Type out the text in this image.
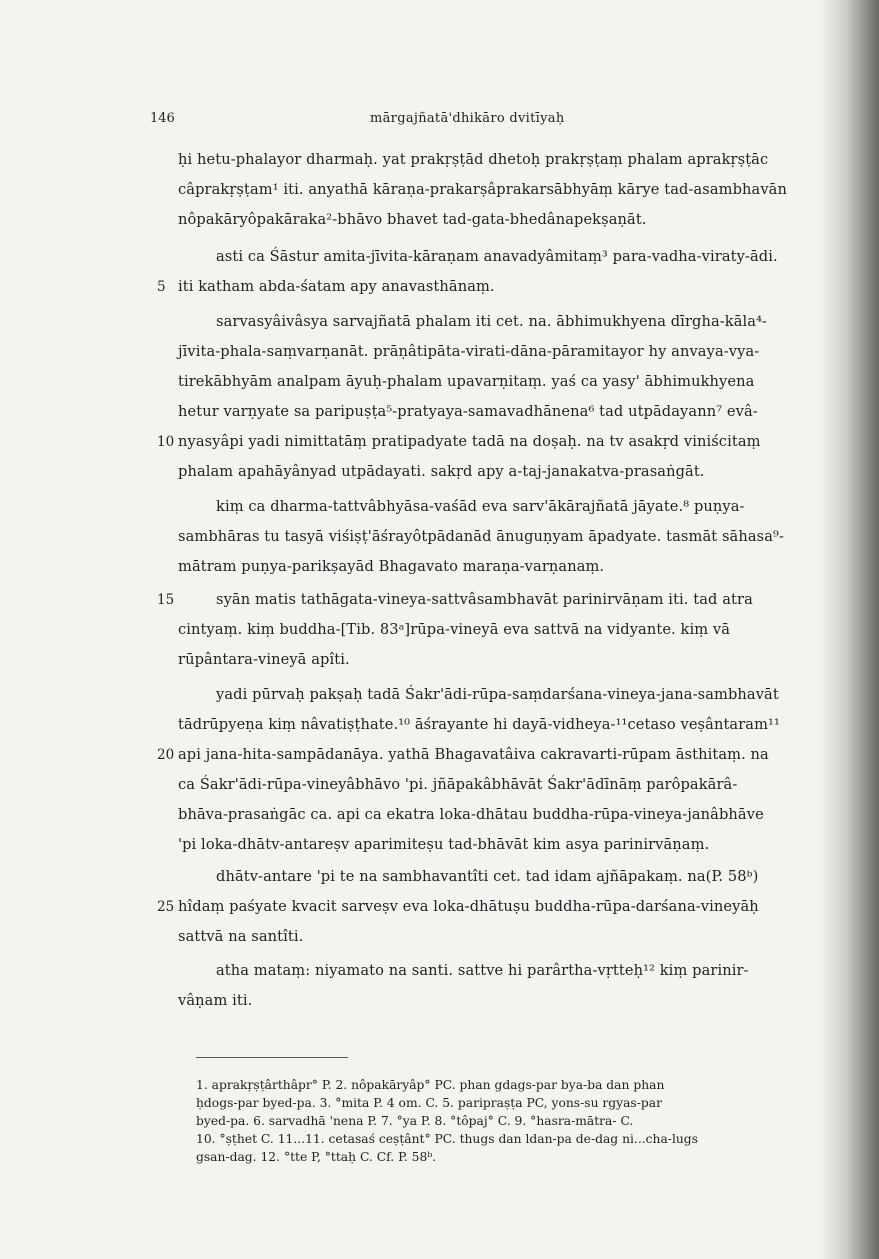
146	mārgajñatā'dhikāro dvitīyaḥ
ḥi hetu-phalayor dharmaḥ. yat prakṛṣṭād dhetoḥ prakṛṣṭaṃ phalam aprakṛṣṭāc
câprakṛṣṭam¹ iti. anyathā kāraṇa-prakarṣâprakarsābhyāṃ kārye tad-asambhavān
nôpakāryôpakāraka²-bhāvo bhavet tad-gata-bhedânapekṣaṇāt.
asti ca Śāstur amita-jīvita-kāraṇam anavadyâmitaṃ³ para-vadha-viraty-ādi.
5 iti katham abda-śatam apy anavasthānaṃ.
sarvasyâivâsya sarvajñatā phalam iti cet. na. ābhimukhyena dīrgha-kāla⁴-
jīvita-phala-saṃvarṇanāt. prāṇâtipāta-virati-dāna-pāramitayor hy anvaya-vya-
tirekābhyām analpam āyuḥ-phalam upavarṇitaṃ. yaś ca yasy' ābhimukhyena
hetur varṇyate sa paripuṣṭa⁵-pratyaya-samavadhānena⁶ tad utpādayann⁷ evâ-
10 nyasyâpi yadi nimittatāṃ pratipadyate tadā na doṣaḥ. na tv asakṛd viniścitaṃ
phalam apahāyânyad utpādayati. sakṛd apy a-taj-janakatva-prasaṅgāt.
kiṃ ca dharma-tattvâbhyāsa-vaśād eva sarv'ākārajñatā jāyate.⁸ puṇya-
sambhāras tu tasyā viśiṣṭ'āśrayôtpādanād ānuguṇyam āpadyate. tasmāt sāhasa⁹-
mātram puṇya-parikṣayād Bhagavato maraṇa-varṇanaṃ.
15	syān matis tathāgata-vineya-sattvâsambhavāt parinirvāṇam iti. tad atra
cintyaṃ. kiṃ buddha-[Tib. 83ᵃ]rūpa-vineyā eva sattvā na vidyante. kiṃ vā
rūpântara-vineyā apîti.
yadi pūrvaḥ pakṣaḥ tadā Śakr'ādi-rūpa-saṃdarśana-vineya-jana-sambhavāt
tādrūpyeṇa kiṃ nâvatiṣṭhate.¹⁰ āśrayante hi dayā-vidheya-¹¹cetaso veṣântaram¹¹
20 api jana-hita-sampādanāya. yathā Bhagavatâiva cakravarti-rūpam āsthitaṃ. na
ca Śakr'ādi-rūpa-vineyâbhāvo 'pi. jñāpakâbhāvāt Śakr'ādīnāṃ parôpakārâ-
bhāva-prasaṅgāc ca. api ca ekatra loka-dhātau buddha-rūpa-vineya-janâbhāve
'pi loka-dhātv-antareṣv aparimiteṣu tad-bhāvāt kim asya parinirvāṇaṃ.
dhātv-antare 'pi te na sambhavantîti cet. tad idam ajñāpakaṃ. na(P. 58ᵇ)
25 hîdaṃ paśyate kvacit sarveṣv eva loka-dhātuṣu buddha-rūpa-darśana-vineyāḥ
sattvā na santîti.
atha mataṃ: niyamato na santi. sattve hi parârtha-vṛtteḥ¹² kiṃ parinir-
vâṇam iti.
1. aprakṛṣṭârthâpr° P. 2. nôpakāryâp° PC. phan gdags-par bya-ba dan phan
ḥdogs-par byed-pa. 3. °mita P. 4 om. C. 5. paripraṣṭa PC, yons-su rgyas-par
byed-pa. 6. sarvadhā 'nena P. 7. °ya P. 8. °tôpaj° C. 9. °hasra-mātra- C.
10. °ṣṭhet C. 11...11. cetasaś ceṣṭânt° PC. thugs dan ldan-pa de-dag ni...cha-lugs
gsan-dag. 12. °tte P, °ttaḥ C. Cf. P. 58ᵇ.
